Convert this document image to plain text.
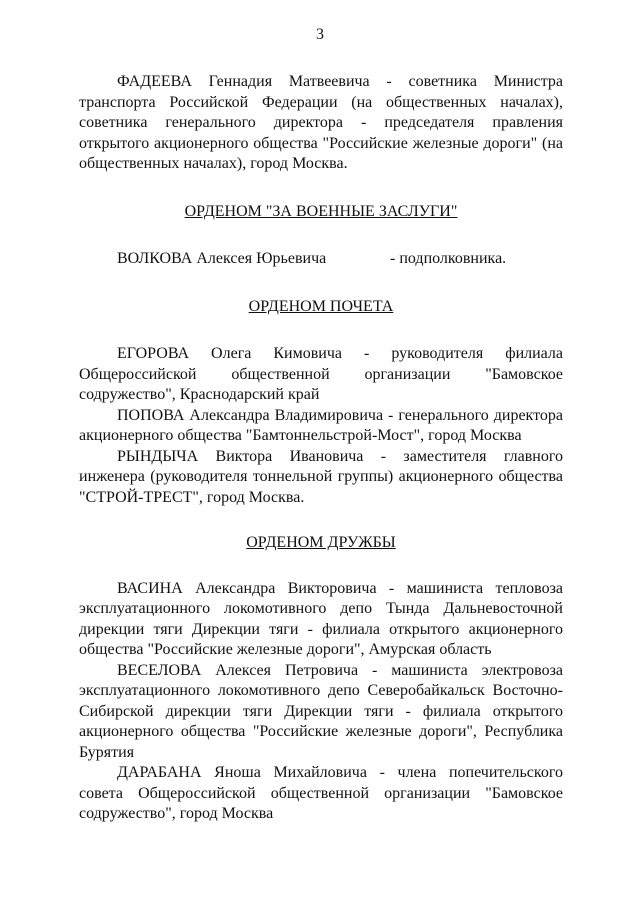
3

ФАДЕЕВА Геннадия Матвеевича - советника Министра транспорта Российской Федерации (на общественных началах), советника генерального директора - председателя правления открытого акционерного общества "Российские железные дороги" (на общественных началах), город Москва.

ОРДЕНОМ "ЗА ВОЕННЫЕ ЗАСЛУГИ"

ВОЛКОВА Алексея Юрьевича	- подполковника.

ОРДЕНОМ ПОЧЕТА

ЕГОРОВА Олега Кимовича - руководителя филиала Общероссийской общественной организации "Бамовское содружество", Краснодарский край

ПОПОВА Александра Владимировича - генерального директора акционерного общества "Бамтоннельстрой-Мост", город Москва

РЫНДЫЧА Виктора Ивановича - заместителя главного инженера (руководителя тоннельной группы) акционерного общества "СТРОЙ-ТРЕСТ", город Москва.

ОРДЕНОМ ДРУЖБЫ

ВАСИНА Александра Викторовича - машиниста тепловоза эксплуатационного локомотивного депо Тында Дальневосточной дирекции тяги Дирекции тяги - филиала открытого акционерного общества "Российские железные дороги", Амурская область

ВЕСЕЛОВА Алексея Петровича - машиниста электровоза эксплуатационного локомотивного депо Северобайкальск Восточно-Сибирской дирекции тяги Дирекции тяги - филиала открытого акционерного общества "Российские железные дороги", Республика Бурятия

ДАРАБАНА Яноша Михайловича - члена попечительского совета Общероссийской общественной организации "Бамовское содружество", город Москва
